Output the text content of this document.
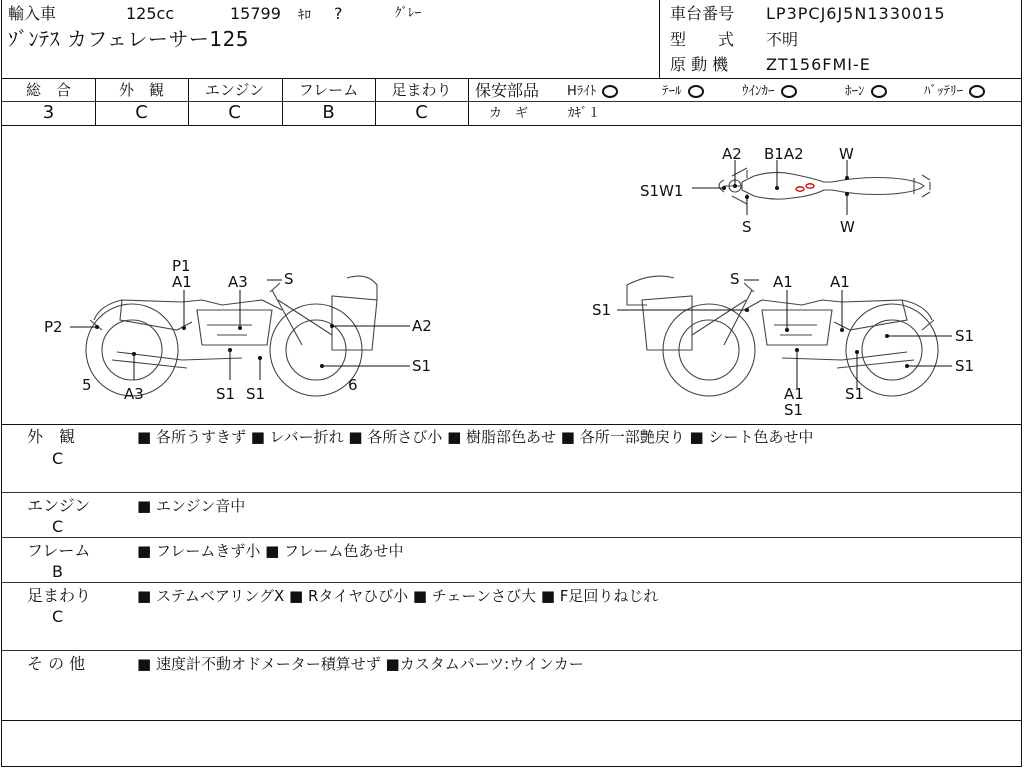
輸入車	125cc	15799 ｷﾛ ?	ｸﾞﾚｰ
ｿﾞﾝﾃｽ カフェレーサー125
車台番号 LP3PCJ6J5N1330015
型　　式 不明
原 動 機 ZT156FMI-E
総　合	外　観	エンジン	フレーム	足まわり
3	C	C	B	C
保安部品 Hﾗｲﾄ	ﾃｰﾙ	ｳｲﾝｶｰ	ﾎｰﾝ	ﾊﾞｯﾃﾘｰ
カ　ギ	ｶｷﾞ１
A2 B1A2 W
S1W1
S	W
P1
A1 A3 S
P2	A2
S1
5	6
A3	S1 S1
S A1 A1
S1
S1
S1
A1	S1
S1
外　観
C
■ 各所うすきず ■ レバー折れ ■ 各所さび小 ■ 樹脂部色あせ ■ 各所一部艶戻り ■ シート色あせ中
エンジン
C
■ エンジン音中
フレーム
B
■ フレームきず小 ■ フレーム色あせ中
足まわり
C
■ ステムベアリングX ■ Rタイヤひび小 ■ チェーンさび大 ■ F足回りねじれ
そ の 他	■ 速度計不動オドメーター積算せず ■カスタムパーツ:ウインカー
